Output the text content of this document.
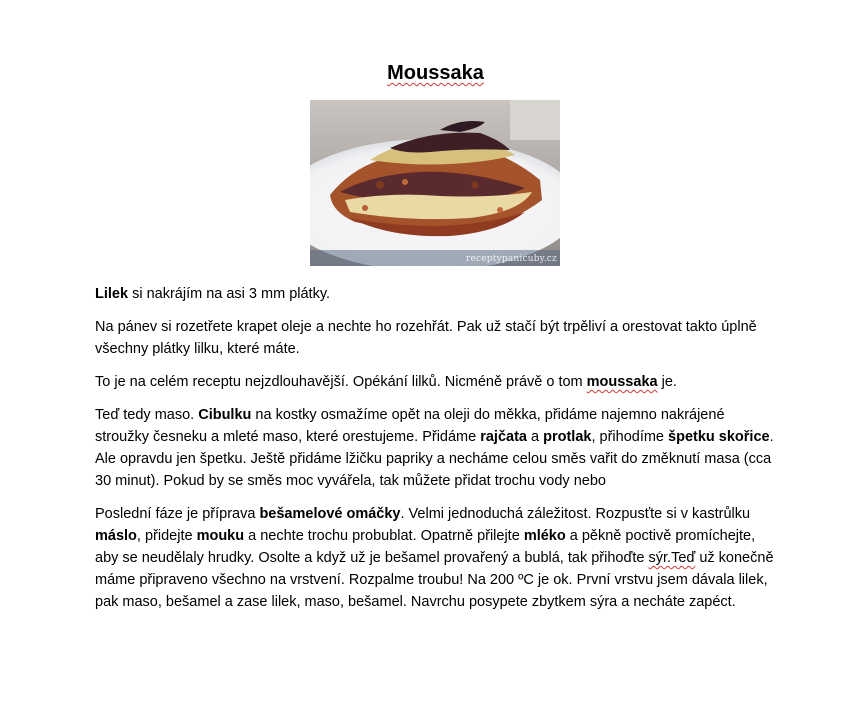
Moussaka
receptypanicuby.cz

Lilek si nakrájím na asi 3 mm plátky.

Na pánev si rozetřete krapet oleje a nechte ho rozehřát. Pak už stačí být trpěliví a orestovat takto úplně všechny plátky lilku, které máte.

To je na celém receptu nejzdlouhavější. Opékání lilků. Nicméně právě o tom moussaka je.

Teď tedy maso. Cibulku na kostky osmažíme opět na oleji do měkka, přidáme najemno nakrájené stroužky česneku a mleté maso, které orestujeme. Přidáme rajčata a protlak, přihodíme špetku skořice. Ale opravdu jen špetku. Ještě přidáme lžičku papriky a necháme celou směs vařit do změknutí masa (cca 30 minut). Pokud by se směs moc vyvářela, tak můžete přidat trochu vody nebo

Poslední fáze je příprava bešamelové omáčky. Velmi jednoduchá záležitost. Rozpusťte si v kastrůlku máslo, přidejte mouku a nechte trochu probublat. Opatrně přilejte mléko a pěkně poctivě promíchejte, aby se neudělaly hrudky. Osolte a když už je bešamel provařený a bublá, tak přihoďte sýr.Teď už konečně máme připraveno všechno na vrstvení. Rozpalme troubu! Na 200 ºC je ok. První vrstvu jsem dávala lilek, pak maso, bešamel a zase lilek, maso, bešamel. Navrchu posypete zbytkem sýra a necháte zapéct.
